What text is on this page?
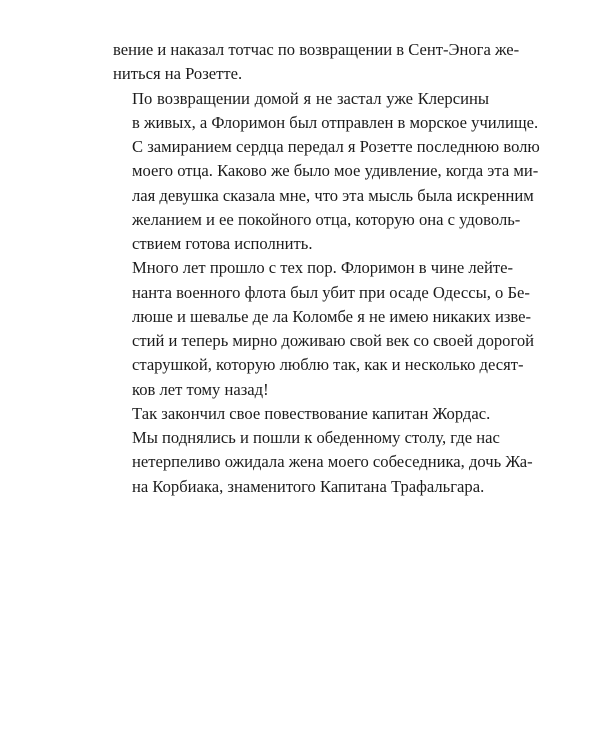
вение и наказал тотчас по возвращении в Сент-Эногa же-
ниться на Розетте.

По возвращении домой я не застал уже Клерсины
в живых, а Флоримон был отправлен в морское училище.
С замиранием сердца передал я Розетте последнюю волю
моего отца. Каково же было мое удивление, когда эта ми-
лая девушка сказала мне, что эта мысль была искренним
желанием и ее покойного отца, которую она с удоволь-
ствием готова исполнить.

Много лет прошло с тех пор. Флоримон в чине лейте-
нанта военного флота был убит при осаде Одессы, о Бе-
люше и шевалье де ла Коломбе я не имею никаких изве-
стий и теперь мирно доживаю свой век со своей дорогой
старушкой, которую люблю так, как и несколько десят-
ков лет тому назад!

Так закончил свое повествование капитан Жордас.

Мы поднялись и пошли к обеденному столу, где нас
нетерпеливо ожидала жена моего собеседника, дочь Жа-
на Корбиака, знаменитого Капитана Трафальгара.
